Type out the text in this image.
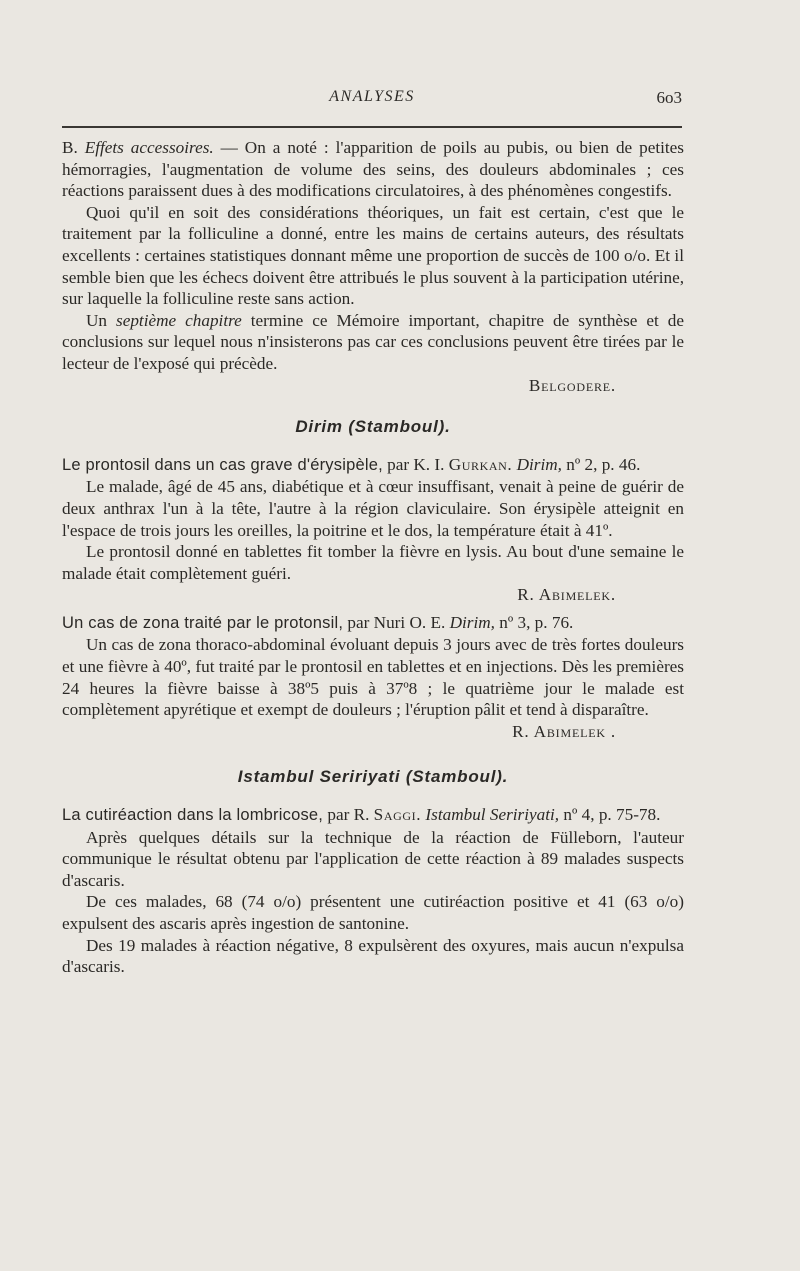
ANALYSES	6o3

B. Effets accessoires. — On a noté : l'apparition de poils au pubis, ou bien de petites hémorragies, l'augmentation de volume des seins, des douleurs abdominales ; ces réactions paraissent dues à des modifications circulatoires, à des phénomènes congestifs.

Quoi qu'il en soit des considérations théoriques, un fait est certain, c'est que le traitement par la folliculine a donné, entre les mains de certains auteurs, des résultats excellents : certaines statistiques donnant même une proportion de succès de 100 o/o. Et il semble bien que les échecs doivent être attribués le plus souvent à la participation utérine, sur laquelle la folliculine reste sans action.

Un septième chapitre termine ce Mémoire important, chapitre de synthèse et de conclusions sur lequel nous n'insisterons pas car ces conclusions peuvent être tirées par le lecteur de l'exposé qui précède.

Belgodere.

Dirim (Stamboul).

Le prontosil dans un cas grave d'érysipèle, par K. I. Gurkan. Dirim, nº 2, p. 46.

Le malade, âgé de 45 ans, diabétique et à cœur insuffisant, venait à peine de guérir de deux anthrax l'un à la tête, l'autre à la région claviculaire. Son érysipèle atteignit en l'espace de trois jours les oreilles, la poitrine et le dos, la température était à 41º.

Le prontosil donné en tablettes fit tomber la fièvre en lysis. Au bout d'une semaine le malade était complètement guéri.

R. Abimelek.

Un cas de zona traité par le protonsil, par Nuri O. E. Dirim, nº 3, p. 76.

Un cas de zona thoraco-abdominal évoluant depuis 3 jours avec de très fortes douleurs et une fièvre à 40º, fut traité par le prontosil en tablettes et en injections. Dès les premières 24 heures la fièvre baisse à 38º5 puis à 37º8 ; le quatrième jour le malade est complètement apyrétique et exempt de douleurs ; l'éruption pâlit et tend à disparaître.

R. Abimelek .

Istambul Seririyati (Stamboul).

La cutiréaction dans la lombricose, par R. Saggi. Istambul Seririyati, nº 4, p. 75-78.

Après quelques détails sur la technique de la réaction de Fülleborn, l'auteur communique le résultat obtenu par l'application de cette réaction à 89 malades suspects d'ascaris.

De ces malades, 68 (74 o/o) présentent une cutiréaction positive et 41 (63 o/o) expulsent des ascaris après ingestion de santonine.

Des 19 malades à réaction négative, 8 expulsèrent des oxyures, mais aucun n'expulsa d'ascaris.
